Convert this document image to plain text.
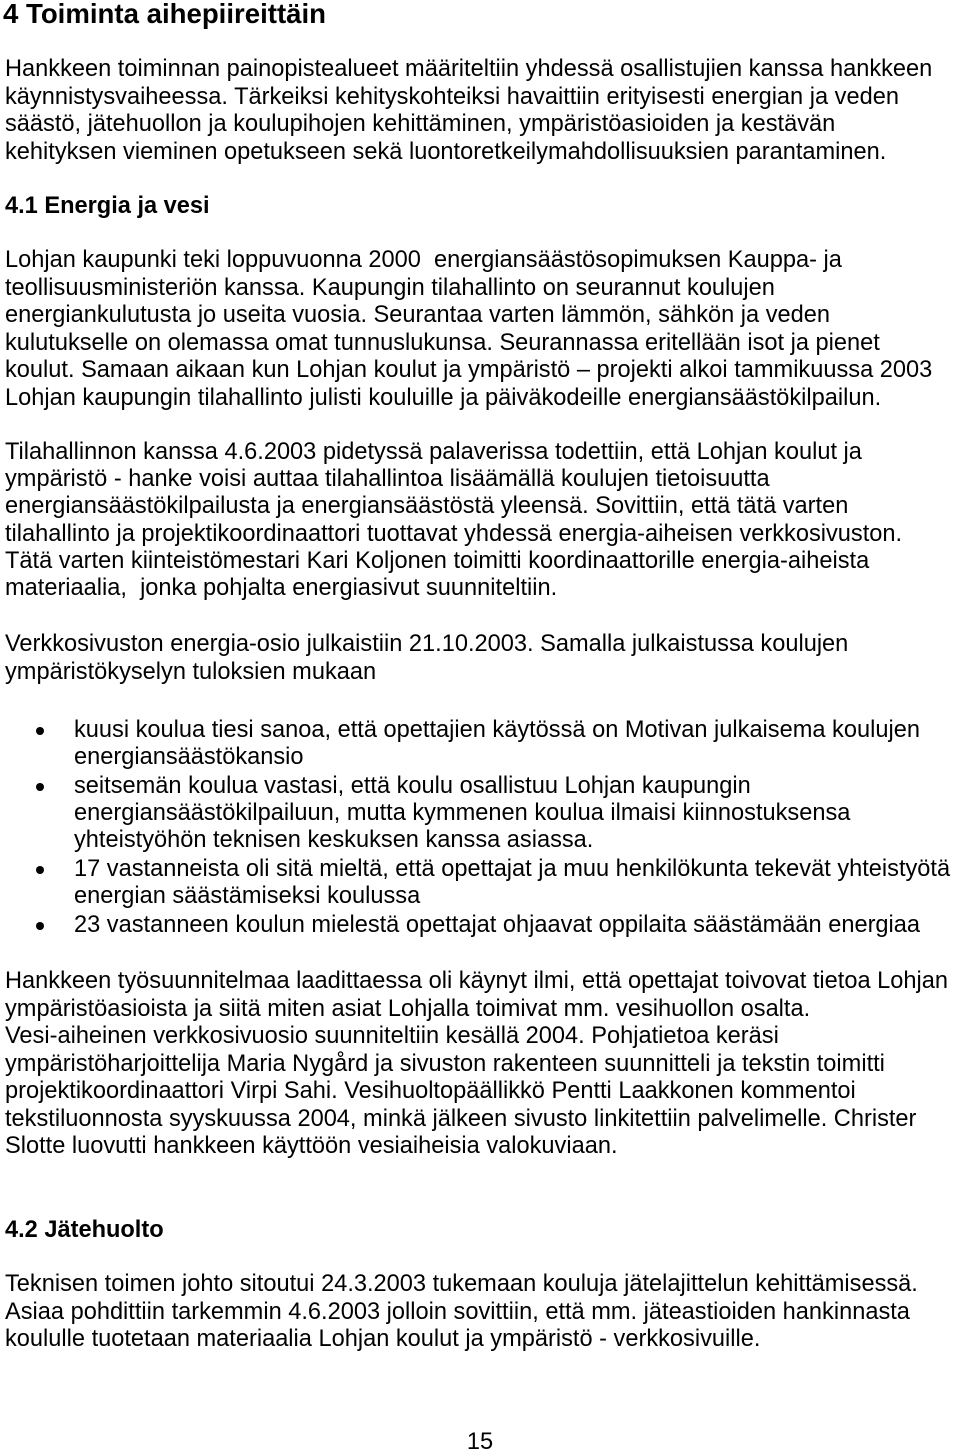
4 Toiminta aihepiireittäin
Hankkeen toiminnan painopistealueet määriteltiin yhdessä osallistujien kanssa hankkeen
käynnistysvaiheessa. Tärkeiksi kehityskohteiksi havaittiin erityisesti energian ja veden
säästö, jätehuollon ja koulupihojen kehittäminen, ympäristöasioiden ja kestävän
kehityksen vieminen opetukseen sekä luontoretkeilymahdollisuuksien parantaminen.
4.1 Energia ja vesi
Lohjan kaupunki teki loppuvuonna 2000  energiansäästösopimuksen Kauppa- ja
teollisuusministeriön kanssa. Kaupungin tilahallinto on seurannut koulujen
energiankulutusta jo useita vuosia. Seurantaa varten lämmön, sähkön ja veden
kulutukselle on olemassa omat tunnuslukunsa. Seurannassa eritellään isot ja pienet
koulut. Samaan aikaan kun Lohjan koulut ja ympäristö – projekti alkoi tammikuussa 2003
Lohjan kaupungin tilahallinto julisti kouluille ja päiväkodeille energiansäästökilpailun.
Tilahallinnon kanssa 4.6.2003 pidetyssä palaverissa todettiin, että Lohjan koulut ja
ympäristö - hanke voisi auttaa tilahallintoa lisäämällä koulujen tietoisuutta
energiansäästökilpailusta ja energiansäästöstä yleensä. Sovittiin, että tätä varten
tilahallinto ja projektikoordinaattori tuottavat yhdessä energia-aiheisen verkkosivuston.
Tätä varten kiinteistömestari Kari Koljonen toimitti koordinaattorille energia-aiheista
materiaalia,  jonka pohjalta energiasivut suunniteltiin.
Verkkosivuston energia-osio julkaistiin 21.10.2003. Samalla julkaistussa koulujen
ympäristökyselyn tuloksien mukaan
kuusi koulua tiesi sanoa, että opettajien käytössä on Motivan julkaisema koulujen
energiansäästökansio
seitsemän koulua vastasi, että koulu osallistuu Lohjan kaupungin
energiansäästökilpailuun, mutta kymmenen koulua ilmaisi kiinnostuksensa
yhteistyöhön teknisen keskuksen kanssa asiassa.
17 vastanneista oli sitä mieltä, että opettajat ja muu henkilökunta tekevät yhteistyötä
energian säästämiseksi koulussa
23 vastanneen koulun mielestä opettajat ohjaavat oppilaita säästämään energiaa
Hankkeen työsuunnitelmaa laadittaessa oli käynyt ilmi, että opettajat toivovat tietoa Lohjan
ympäristöasioista ja siitä miten asiat Lohjalla toimivat mm. vesihuollon osalta.
Vesi-aiheinen verkkosivuosio suunniteltiin kesällä 2004. Pohjatietoa keräsi
ympäristöharjoittelija Maria Nygård ja sivuston rakenteen suunnitteli ja tekstin toimitti
projektikoordinaattori Virpi Sahi. Vesihuoltopäällikkö Pentti Laakkonen kommentoi
tekstiluonnosta syyskuussa 2004, minkä jälkeen sivusto linkitettiin palvelimelle. Christer
Slotte luovutti hankkeen käyttöön vesiaiheisia valokuviaan.
4.2 Jätehuolto
Teknisen toimen johto sitoutui 24.3.2003 tukemaan kouluja jätelajittelun kehittämisessä.
Asiaa pohdittiin tarkemmin 4.6.2003 jolloin sovittiin, että mm. jäteastioiden hankinnasta
koululle tuotetaan materiaalia Lohjan koulut ja ympäristö - verkkosivuille.
15
